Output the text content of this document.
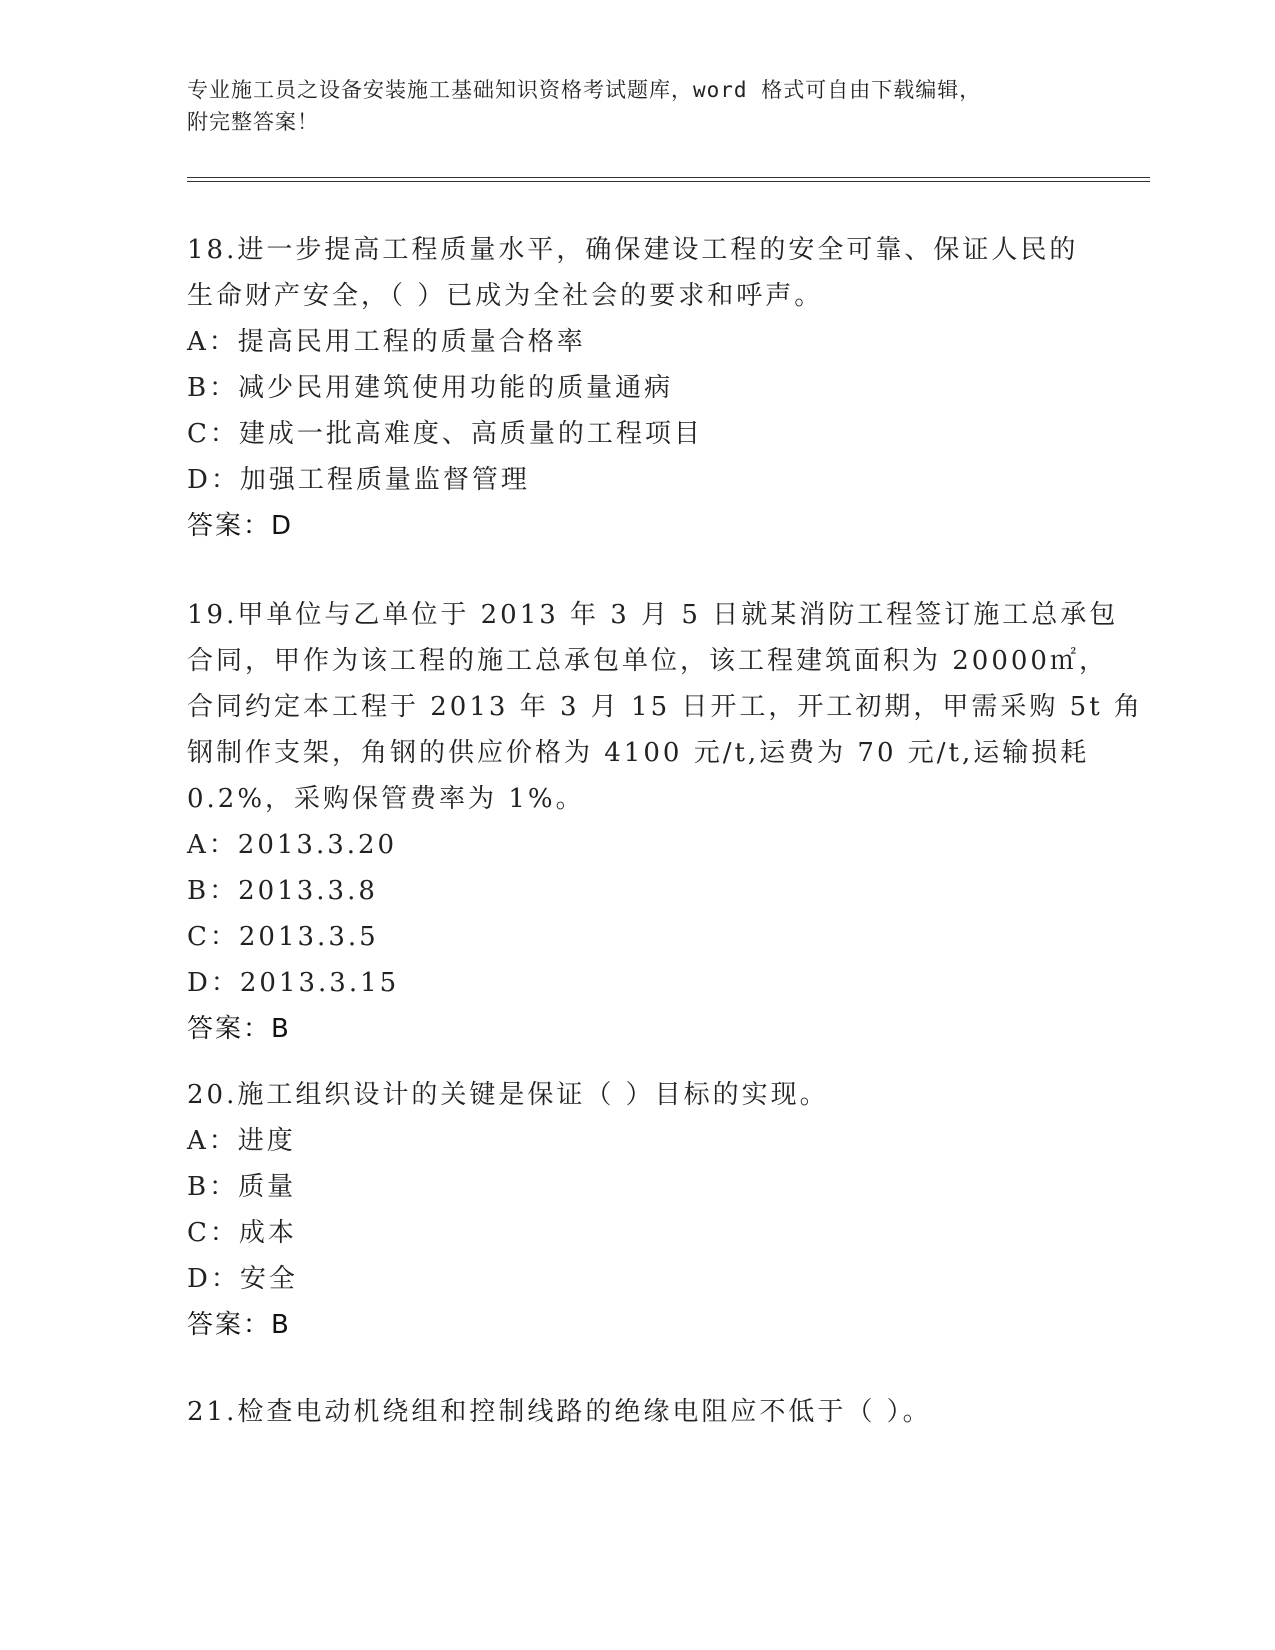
专业施工员之设备安装施工基础知识资格考试题库，word 格式可自由下载编辑，
附完整答案！
18.进一步提高工程质量水平，确保建设工程的安全可靠、保证人民的
生命财产安全，（ ）已成为全社会的要求和呼声。
A：提高民用工程的质量合格率
B：减少民用建筑使用功能的质量通病
C：建成一批高难度、高质量的工程项目
D：加强工程质量监督管理
答案：D
19.甲单位与乙单位于 2013 年 3 月 5 日就某消防工程签订施工总承包
合同，甲作为该工程的施工总承包单位，该工程建筑面积为 20000㎡，
合同约定本工程于 2013 年 3 月 15 日开工，开工初期，甲需采购 5t 角
钢制作支架，角钢的供应价格为 4100 元/t,运费为 70 元/t,运输损耗
0.2%，采购保管费率为 1%。
A：2013.3.20
B：2013.3.8
C：2013.3.5
D：2013.3.15
答案：B
20.施工组织设计的关键是保证（ ）目标的实现。
A：进度
B：质量
C：成本
D：安全
答案：B
21.检查电动机绕组和控制线路的绝缘电阻应不低于（ ）。
